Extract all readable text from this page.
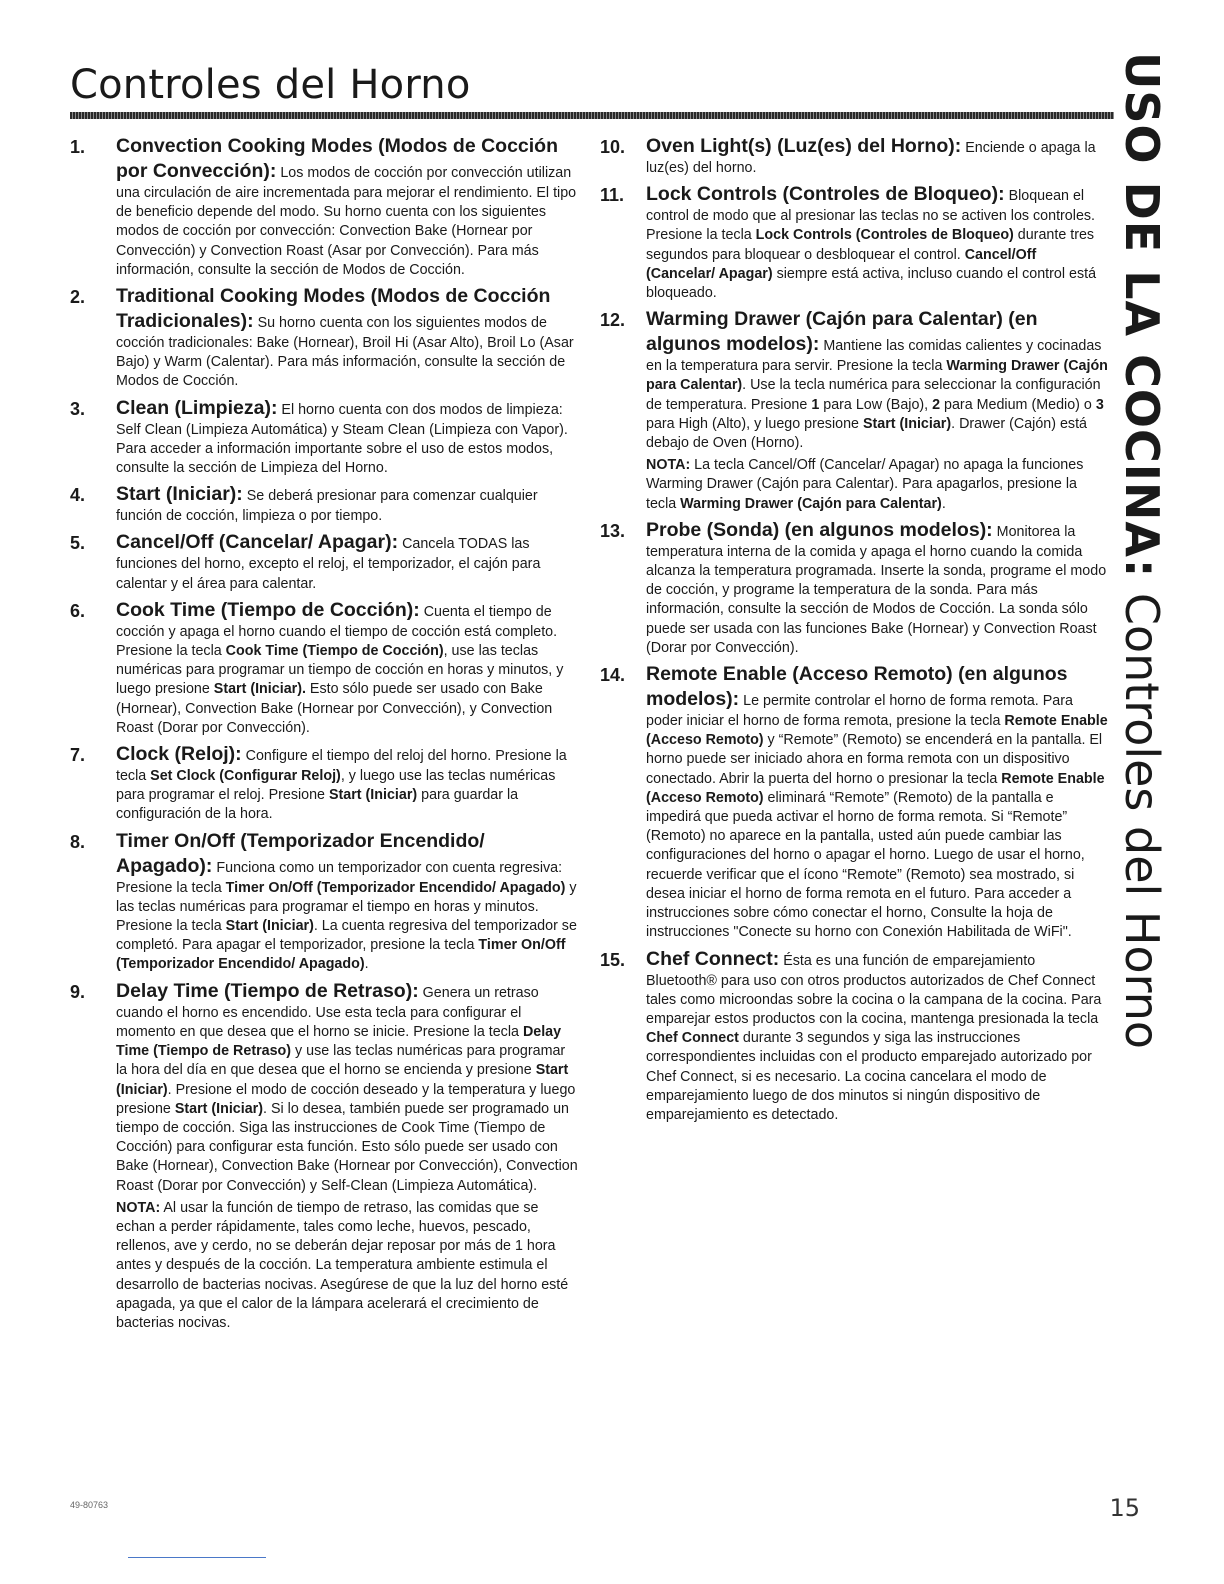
Controles del Horno	USO DE LA COCINA: Controles del Horno
1. Convection Cooking Modes (Modos de Cocción por Convección): Los modos de cocción por convección utilizan una circulación de aire incrementada para mejorar el rendimiento. El tipo de beneficio depende del modo. Su horno cuenta con los siguientes modos de cocción por convección: Convection Bake (Hornear por Convección) y Convection Roast (Asar por Convección). Para más información, consulte la sección de Modos de Cocción.
2. Traditional Cooking Modes (Modos de Cocción Tradicionales): Su horno cuenta con los siguientes modos de cocción tradicionales: Bake (Hornear), Broil Hi (Asar Alto), Broil Lo (Asar Bajo) y Warm (Calentar). Para más información, consulte la sección de Modos de Cocción.
3. Clean (Limpieza): El horno cuenta con dos modos de limpieza: Self Clean (Limpieza Automática) y Steam Clean (Limpieza con Vapor). Para acceder a información importante sobre el uso de estos modos, consulte la sección de Limpieza del Horno.
4. Start (Iniciar): Se deberá presionar para comenzar cualquier función de cocción, limpieza o por tiempo.
5. Cancel/Off (Cancelar/ Apagar): Cancela TODAS las funciones del horno, excepto el reloj, el temporizador, el cajón para calentar y el área para calentar.
6. Cook Time (Tiempo de Cocción): Cuenta el tiempo de cocción y apaga el horno cuando el tiempo de cocción está completo. Presione la tecla Cook Time (Tiempo de Cocción), use las teclas numéricas para programar un tiempo de cocción en horas y minutos, y luego presione Start (Iniciar). Esto sólo puede ser usado con Bake (Hornear), Convection Bake (Hornear por Convección), y Convection Roast (Dorar por Convección).
7. Clock (Reloj): Configure el tiempo del reloj del horno. Presione la tecla Set Clock (Configurar Reloj), y luego use las teclas numéricas para programar el reloj. Presione Start (Iniciar) para guardar la configuración de la hora.
8. Timer On/Off (Temporizador Encendido/ Apagado): Funciona como un temporizador con cuenta regresiva: Presione la tecla Timer On/Off (Temporizador Encendido/ Apagado) y las teclas numéricas para programar el tiempo en horas y minutos. Presione la tecla Start (Iniciar). La cuenta regresiva del temporizador se completó. Para apagar el temporizador, presione la tecla Timer On/Off (Temporizador Encendido/ Apagado).
9. Delay Time (Tiempo de Retraso): Genera un retraso cuando el horno es encendido. Use esta tecla para configurar el momento en que desea que el horno se inicie. Presione la tecla Delay Time (Tiempo de Retraso) y use las teclas numéricas para programar la hora del día en que desea que el horno se encienda y presione Start (Iniciar). Presione el modo de cocción deseado y la temperatura y luego presione Start (Iniciar). Si lo desea, también puede ser programado un tiempo de cocción. Siga las instrucciones de Cook Time (Tiempo de Cocción) para configurar esta función. Esto sólo puede ser usado con Bake (Hornear), Convection Bake (Hornear por Convección), Convection Roast (Dorar por Convección) y Self-Clean (Limpieza Automática).
NOTA: Al usar la función de tiempo de retraso, las comidas que se echan a perder rápidamente, tales como leche, huevos, pescado, rellenos, ave y cerdo, no se deberán dejar reposar por más de 1 hora antes y después de la cocción. La temperatura ambiente estimula el desarrollo de bacterias nocivas. Asegúrese de que la luz del horno esté apagada, ya que el calor de la lámpara acelerará el crecimiento de bacterias nocivas.
10. Oven Light(s) (Luz(es) del Horno): Enciende o apaga la luz(es) del horno.
11. Lock Controls (Controles de Bloqueo): Bloquean el control de modo que al presionar las teclas no se activen los controles. Presione la tecla Lock Controls (Controles de Bloqueo) durante tres segundos para bloquear o desbloquear el control. Cancel/Off (Cancelar/ Apagar) siempre está activa, incluso cuando el control está bloqueado.
12. Warming Drawer (Cajón para Calentar) (en algunos modelos): Mantiene las comidas calientes y cocinadas en la temperatura para servir. Presione la tecla Warming Drawer (Cajón para Calentar). Use la tecla numérica para seleccionar la configuración de temperatura. Presione 1 para Low (Bajo), 2 para Medium (Medio) o 3 para High (Alto), y luego presione Start (Iniciar). Drawer (Cajón) está debajo de Oven (Horno).
NOTA: La tecla Cancel/Off (Cancelar/ Apagar) no apaga la funciones Warming Drawer (Cajón para Calentar). Para apagarlos, presione la tecla Warming Drawer (Cajón para Calentar).
13. Probe (Sonda) (en algunos modelos): Monitorea la temperatura interna de la comida y apaga el horno cuando la comida alcanza la temperatura programada. Inserte la sonda, programe el modo de cocción, y programe la temperatura de la sonda. Para más información, consulte la sección de Modos de Cocción. La sonda sólo puede ser usada con las funciones Bake (Hornear) y Convection Roast (Dorar por Convección).
14. Remote Enable (Acceso Remoto) (en algunos modelos): Le permite controlar el horno de forma remota. Para poder iniciar el horno de forma remota, presione la tecla Remote Enable (Acceso Remoto) y “Remote” (Remoto) se encenderá en la pantalla. El horno puede ser iniciado ahora en forma remota con un dispositivo conectado. Abrir la puerta del horno o presionar la tecla Remote Enable (Acceso Remoto) eliminará “Remote” (Remoto) de la pantalla e impedirá que pueda activar el horno de forma remota. Si “Remote” (Remoto) no aparece en la pantalla, usted aún puede cambiar las configuraciones del horno o apagar el horno. Luego de usar el horno, recuerde verificar que el ícono “Remote” (Remoto) sea mostrado, si desea iniciar el horno de forma remota en el futuro. Para acceder a instrucciones sobre cómo conectar el horno, Consulte la hoja de instrucciones "Conecte su horno con Conexión Habilitada de WiFi".
15. Chef Connect: Ésta es una función de emparejamiento Bluetooth® para uso con otros productos autorizados de Chef Connect tales como microondas sobre la cocina o la campana de la cocina. Para emparejar estos productos con la cocina, mantenga presionada la tecla Chef Connect durante 3 segundos y siga las instrucciones correspondientes incluidas con el producto emparejado autorizado por Chef Connect, si es necesario. La cocina cancelara el modo de emparejamiento luego de dos minutos si ningún dispositivo de emparejamiento es detectado.
49-80763	15
